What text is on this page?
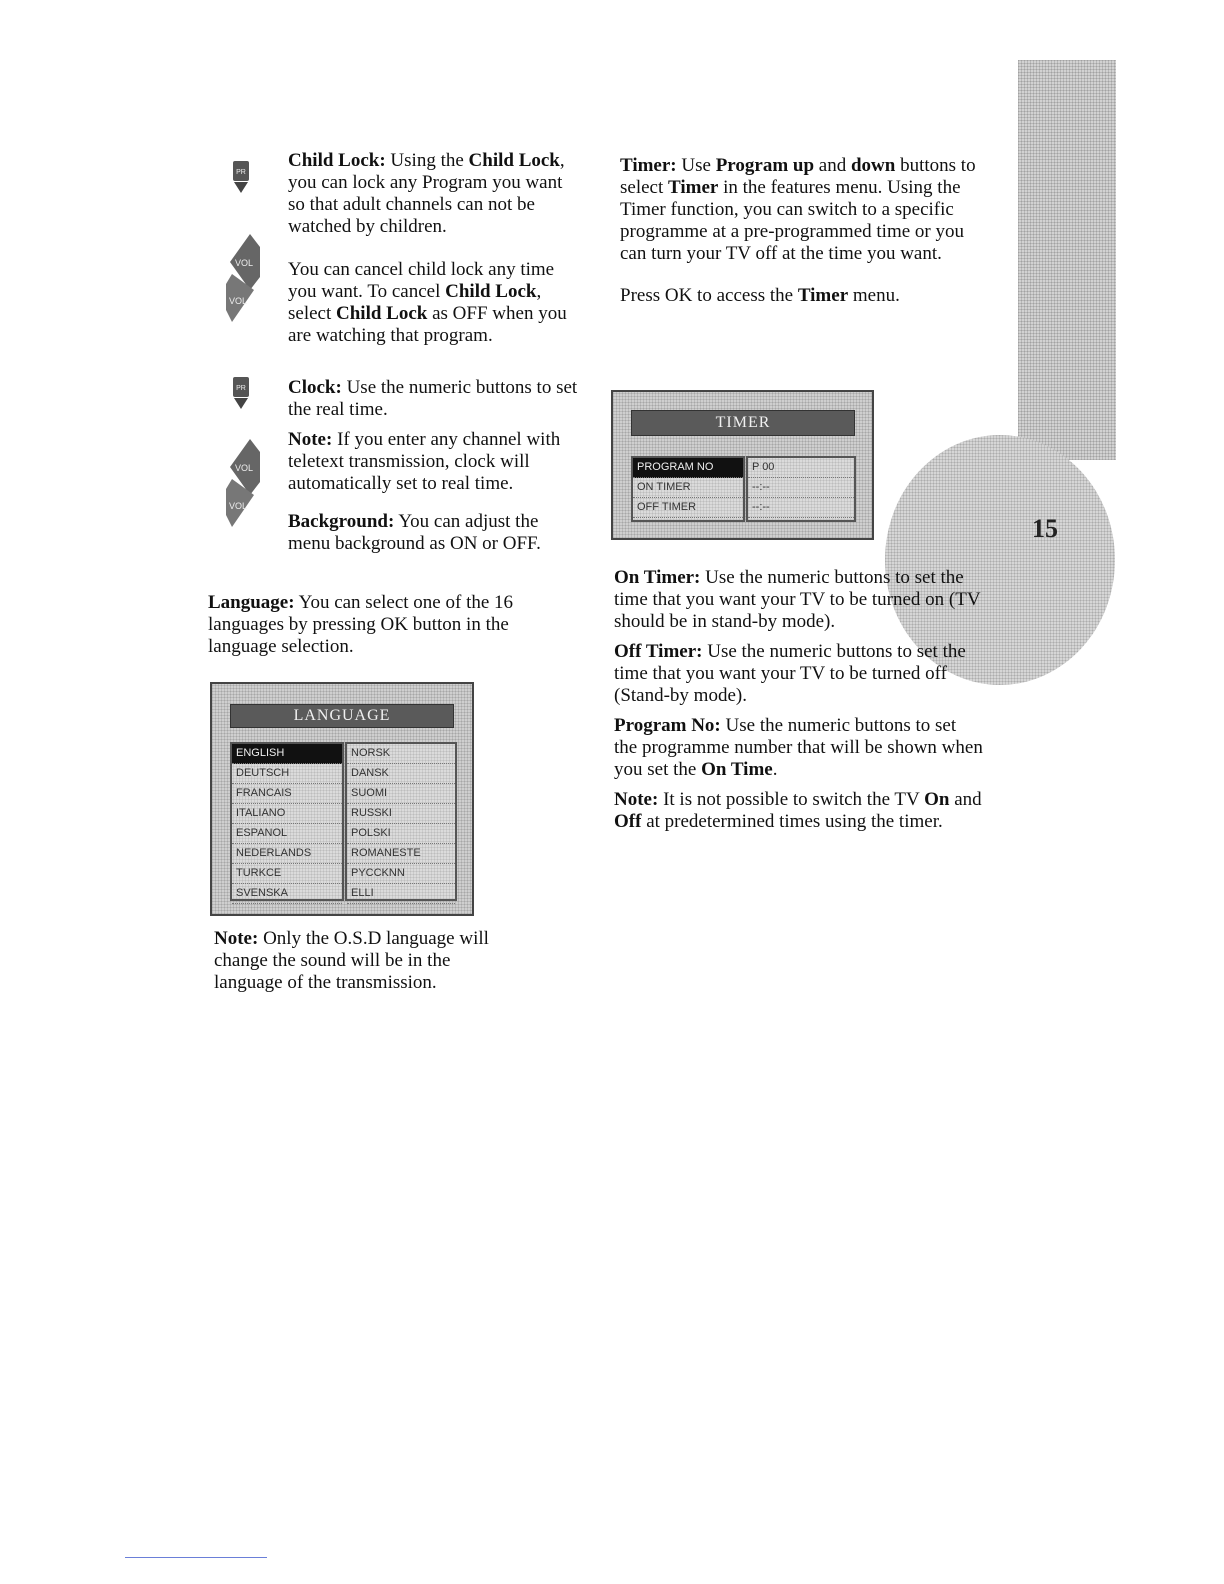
15
PR
VOL
VOL
PR
VOL
VOL

Child Lock: Using the Child Lock, you can lock any Program you want so that adult channels can not be watched by children.

You can cancel child lock any time you want. To cancel Child Lock, select Child Lock as OFF when you are watching that program.

Clock: Use the numeric buttons to set the real time.

Note: If you enter any channel with teletext transmission, clock will automatically set to real time.

Background: You can adjust the menu background as ON or OFF.

Language: You can select one of the 16 languages by pressing OK button in the language selection.

LANGUAGE
ENGLISH
DEUTSCH
FRANCAIS
ITALIANO
ESPANOL
NEDERLANDS
TURKCE
SVENSKA
NORSK
DANSK
SUOMI
RUSSKI
POLSKI
ROMANESTE
PYCCKNN
ELLI

Note: Only the O.S.D language will change the sound will be in the language of the transmission.

Timer: Use Program up and down buttons to select Timer in the features menu. Using the Timer function, you can switch to a specific programme at a pre-programmed time or you can turn your TV off at the time you want.

Press OK to access the Timer menu.

TIMER
PROGRAM NO
ON TIMER
OFF TIMER
P 00
--:--
--:--

On Timer: Use the numeric buttons to set the time that you want your TV to be turned on (TV should be in stand-by mode).

Off Timer: Use the numeric buttons to set the time that you want your TV to be turned off (Stand-by mode).

Program No: Use the numeric buttons to set the programme number that will be shown when you set the On Time.

Note: It is not possible to switch the TV On and Off at predetermined times using the timer.
